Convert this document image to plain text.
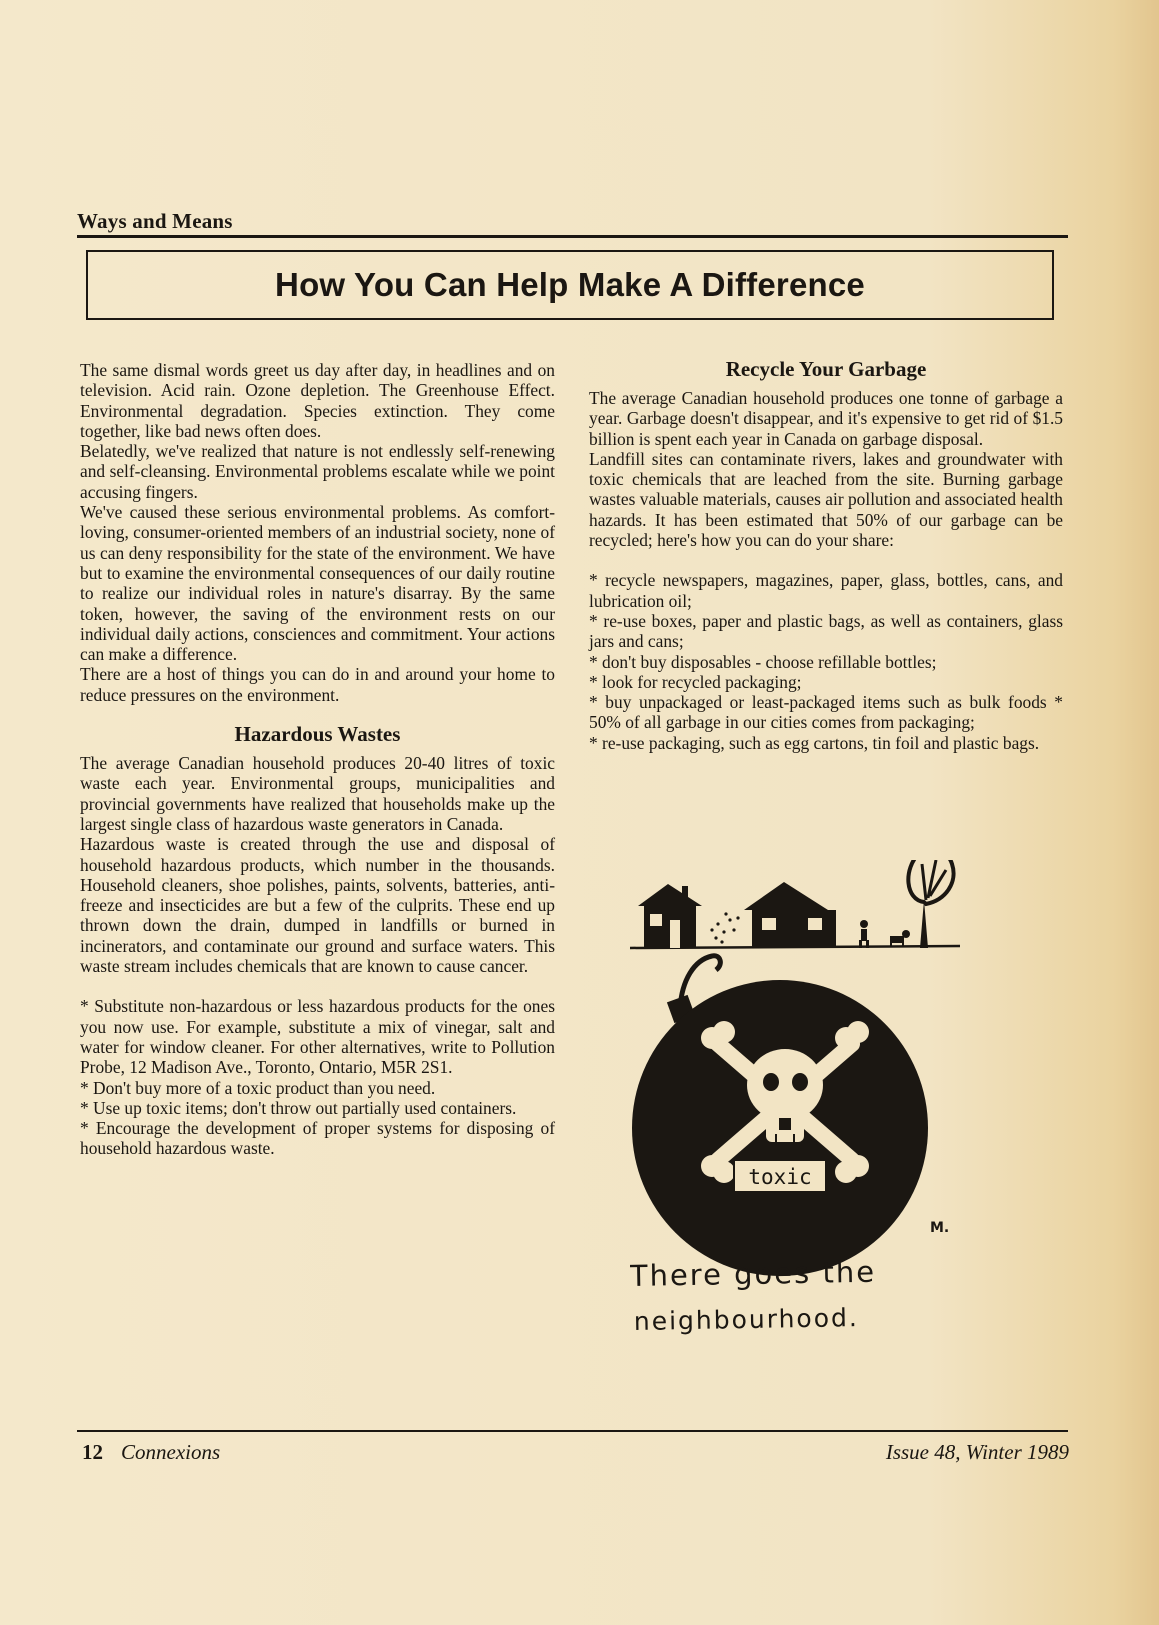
Ways and Means
How You Can Help Make A Difference

The same dismal words greet us day after day, in headlines and on television. Acid rain. Ozone depletion. The Greenhouse Effect. Environmental degradation. Species extinction. They come together, like bad news often does.

Belatedly, we've realized that nature is not endlessly self-renewing and self-cleansing. Environmental problems escalate while we point accusing fingers.

We've caused these serious environmental problems. As comfort-loving, consumer-oriented members of an industrial society, none of us can deny responsibility for the state of the environment. We have but to examine the environmental consequences of our daily routine to realize our individual roles in nature's disarray. By the same token, however, the saving of the environment rests on our individual daily actions, consciences and commitment. Your actions can make a difference.

There are a host of things you can do in and around your home to reduce pressures on the environment.

Hazardous Wastes

The average Canadian household produces 20-40 litres of toxic waste each year. Environmental groups, municipalities and provincial governments have realized that households make up the largest single class of hazardous waste generators in Canada.

Hazardous waste is created through the use and disposal of household hazardous products, which number in the thousands. Household cleaners, shoe polishes, paints, solvents, batteries, anti-freeze and insecticides are but a few of the culprits. These end up thrown down the drain, dumped in landfills or burned in incinerators, and contaminate our ground and surface waters. This waste stream includes chemicals that are known to cause cancer.

* Substitute non-hazardous or less hazardous products for the ones you now use. For example, substitute a mix of vinegar, salt and water for window cleaner. For other alternatives, write to Pollution Probe, 12 Madison Ave., Toronto, Ontario, M5R 2S1.

* Don't buy more of a toxic product than you need.

* Use up toxic items; don't throw out partially used containers.

* Encourage the development of proper systems for disposing of household hazardous waste.

Recycle Your Garbage

The average Canadian household produces one tonne of garbage a year. Garbage doesn't disappear, and it's expensive to get rid of $1.5 billion is spent each year in Canada on garbage disposal.

Landfill sites can contaminate rivers, lakes and groundwater with toxic chemicals that are leached from the site. Burning garbage wastes valuable materials, causes air pollution and associated health hazards. It has been estimated that 50% of our garbage can be recycled; here's how you can do your share:

* recycle newspapers, magazines, paper, glass, bottles, cans, and lubrication oil;

* re-use boxes, paper and plastic bags, as well as containers, glass jars and cans;

* don't buy disposables - choose refillable bottles;

* look for recycled packaging;

* buy unpackaged or least-packaged items such as bulk foods * 50% of all garbage in our cities comes from packaging;

* re-use packaging, such as egg cartons, tin foil and plastic bags.

toxic
M.
There goes the
neighbourhood.
12 Connexions	Issue 48, Winter 1989
